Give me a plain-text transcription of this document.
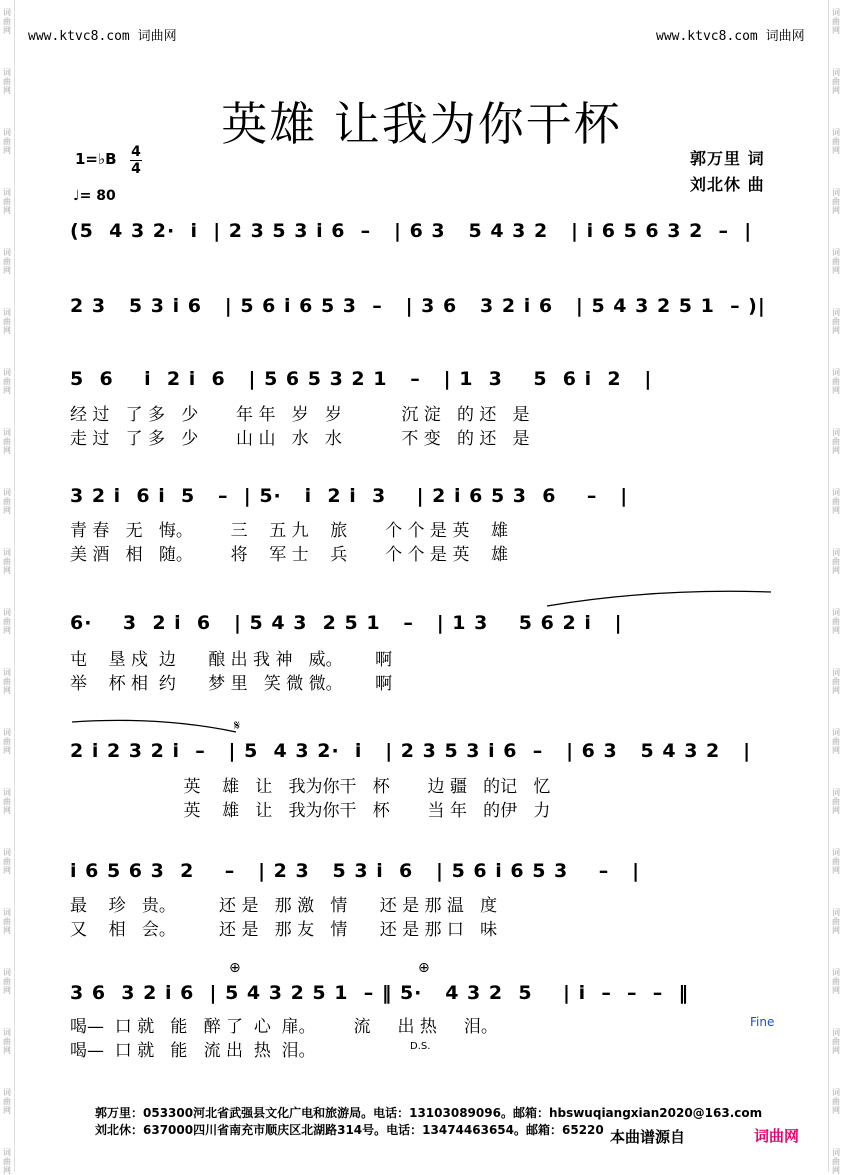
词
曲
网
词
曲
网
词
曲
网
词
曲
网
词
曲
网
词
曲
网
词
曲
网
词
曲
网
词
曲
网
词
曲
网
词
曲
网
词
曲
网
词
曲
网
词
曲
网
词
曲
网
词
曲
网
词
曲
网
词
曲
网
词
曲
网
词
曲
网
词
曲
网
词
曲
网
词
曲
网
词
曲
网
词
曲
网
词
曲
网
词
曲
网
词
曲
网
词
曲
网
词
曲
网
词
曲
网
词
曲
网
词
曲
网
词
曲
网
词
曲
网
词
曲
网
词
曲
网
词
曲
网
词
曲
网
词
曲
网
www.ktvc8.com 词曲网	www.ktvc8.com 词曲网
英雄 让我为你干杯
1=♭B 4
4
♩= 80
郭万里 词
刘北休 曲
(5  4 3 2·  i  | 2 3 5 3 i 6  –   | 6 3   5 4 3 2   | i 6 5 6 3 2  –  |
2 3   5 3 i 6   | 5 6 i 6 5 3  –   | 3 6   3 2 i 6   | 5 4 3 2 5 1  – )|
5  6    i  2 i  6   | 5 6 5 3 2 1   –   | 1  3    5  6 i  2   |
经 过   了 多   少       年 年   岁   岁           沉 淀   的 还   是
走 过   了 多   少       山 山   水   水           不 变   的 还   是
3 2 i  6 i  5   –  | 5·   i  2 i  3    | 2 i 6 5 3  6    –   |
青 春   无   悔。       三    五 九    旅       个 个 是 英    雄
美 酒   相   随。       将    军 士    兵       个 个 是 英    雄
6·    3  2 i  6   | 5 4 3  2 5 1   –   | 1 3    5 6 2 i   |
屯    垦 戍  边      酿 出 我 神   威。      啊
举    杯 相  约      梦 里   笑 微 微。      啊
𝄋
2 i 2 3 2 i  –   | 5  4 3 2·  i   | 2 3 5 3 i 6  –   | 6 3   5 4 3 2   |
英    雄   让   我为你干   杯       边 疆   的记   忆
英    雄   让   我为你干   杯       当 年   的伊   力
i 6 5 6 3  2    –   | 2 3   5 3 i  6   | 5 6 i 6 5 3    –   |
最    珍   贵。        还 是   那 激   情      还 是 那 温   度
又    相   会。        还 是   那 友   情      还 是 那 口   味
⊕	⊕
3 6  3 2 i 6  | 5 4 3 2 5 1  – ‖ 5·   4 3 2  5    | i  –  –  –  ‖
Fine
喝—  口 就   能   醉 了  心  扉。       流     出 热     泪。
喝—  口 就   能   流 出  热  泪。	D.S.
郭万里：053300河北省武强县文化广电和旅游局。电话：13103089096。邮箱：hbswuqiangxian2020@163.com
刘北休：637000四川省南充市顺庆区北湖路314号。电话：13474463654。邮箱：65220 本曲谱源自	词曲网
